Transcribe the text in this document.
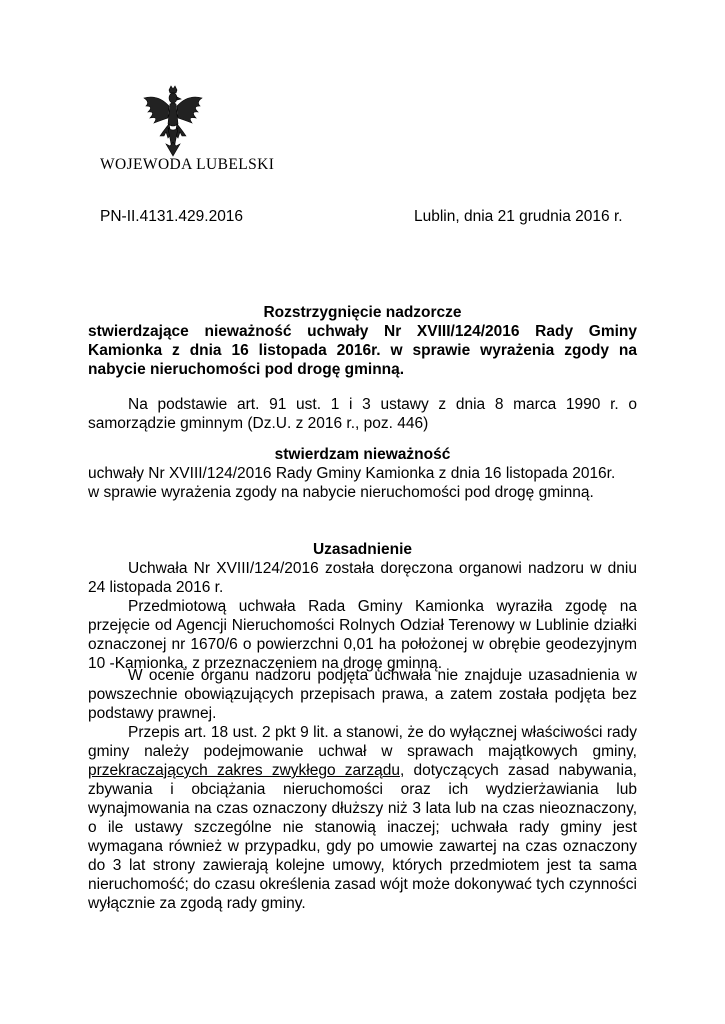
WOJEWODA LUBELSKI
PN-II.4131.429.2016	Lublin, dnia 21 grudnia 2016 r.
Rozstrzygnięcie nadzorcze
stwierdzające nieważność uchwały Nr XVIII/124/2016 Rady Gminy Kamionka z dnia 16 listopada 2016r. w sprawie wyrażenia zgody na nabycie nieruchomości pod drogę gminną.
Na podstawie art. 91 ust. 1 i 3 ustawy z dnia 8 marca 1990 r. o samorządzie gminnym (Dz.U. z 2016 r., poz. 446)
stwierdzam nieważność
uchwały Nr XVIII/124/2016 Rady Gminy Kamionka z dnia 16 listopada 2016r.
w sprawie wyrażenia zgody na nabycie nieruchomości pod drogę gminną.
Uzasadnienie
Uchwała Nr XVIII/124/2016 została doręczona organowi nadzoru w dniu 24 listopada 2016 r.
Przedmiotową uchwała Rada Gminy Kamionka wyraziła zgodę na przejęcie od Agencji Nieruchomości Rolnych Odział Terenowy w Lublinie działki oznaczonej nr 1670/6 o powierzchni 0,01 ha położonej w obrębie geodezyjnym 10 -Kamionka, z przeznaczeniem na drogę gminną.
W ocenie organu nadzoru podjęta uchwała nie znajduje uzasadnienia w powszechnie obowiązujących przepisach prawa, a zatem została podjęta bez podstawy prawnej.
Przepis art. 18 ust. 2 pkt 9 lit. a stanowi, że do wyłącznej właściwości rady gminy należy podejmowanie uchwał w sprawach majątkowych gminy, przekraczających zakres zwykłego zarządu, dotyczących zasad nabywania, zbywania i obciążania nieruchomości oraz ich wydzierżawiania lub wynajmowania na czas oznaczony dłuższy niż 3 lata lub na czas nieoznaczony, o ile ustawy szczególne nie stanowią inaczej; uchwała rady gminy jest wymagana również w przypadku, gdy po umowie zawartej na czas oznaczony do 3 lat strony zawierają kolejne umowy, których przedmiotem jest ta sama nieruchomość; do czasu określenia zasad wójt może dokonywać tych czynności wyłącznie za zgodą rady gminy.
